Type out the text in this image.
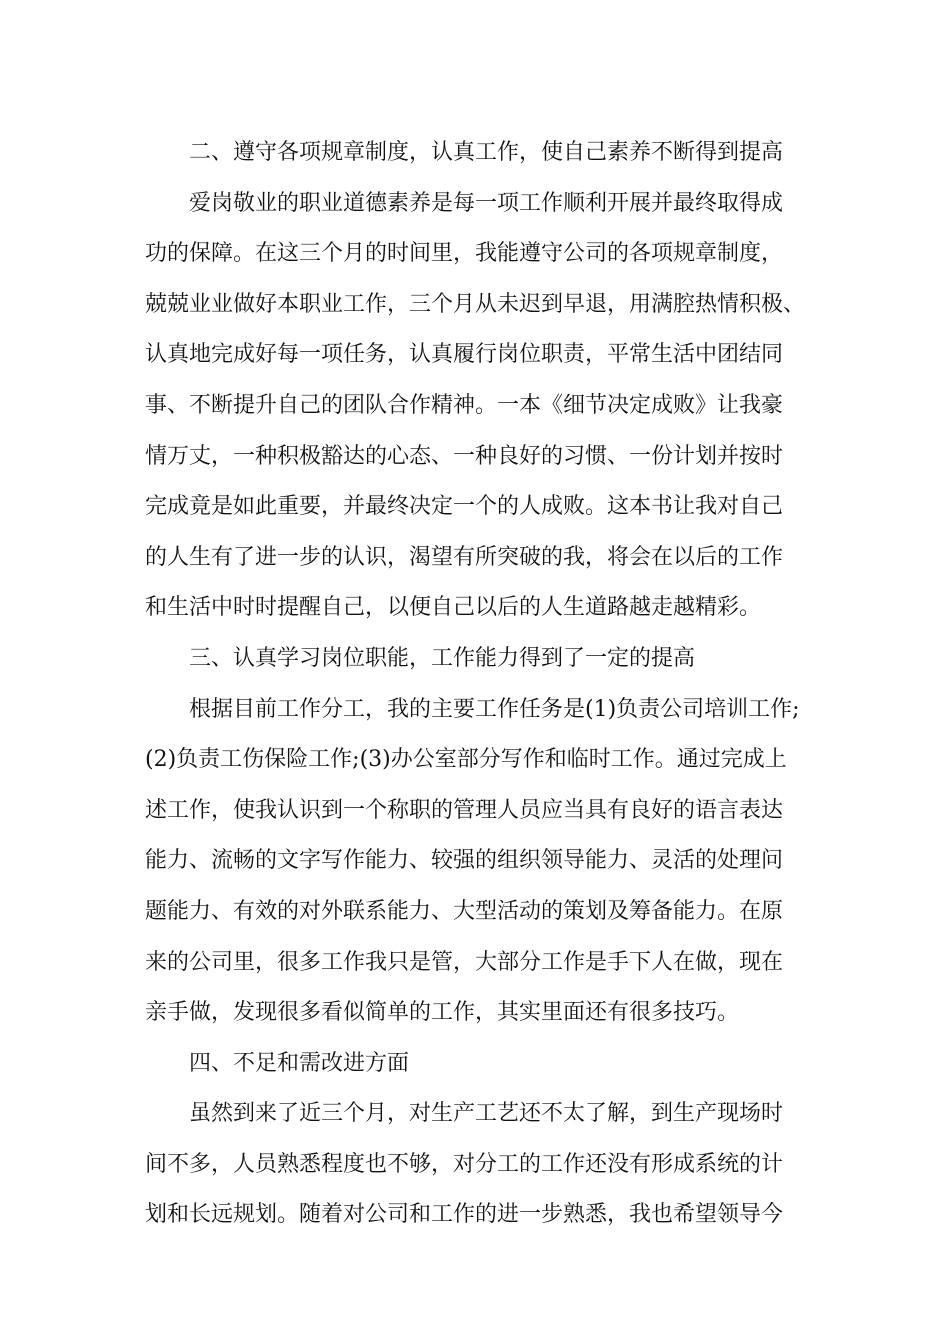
二、遵守各项规章制度，认真工作，使自己素养不断得到提高
爱岗敬业的职业道德素养是每一项工作顺利开展并最终取得成
功的保障。在这三个月的时间里，我能遵守公司的各项规章制度，
兢兢业业做好本职业工作，三个月从未迟到早退，用满腔热情积极、
认真地完成好每一项任务，认真履行岗位职责，平常生活中团结同
事、不断提升自己的团队合作精神。一本《细节决定成败》让我豪
情万丈，一种积极豁达的心态、一种良好的习惯、一份计划并按时
完成竟是如此重要，并最终决定一个的人成败。这本书让我对自己
的人生有了进一步的认识，渴望有所突破的我，将会在以后的工作
和生活中时时提醒自己，以便自己以后的人生道路越走越精彩。
三、认真学习岗位职能，工作能力得到了一定的提高
根据目前工作分工，我的主要工作任务是(1)负责公司培训工作;
(2)负责工伤保险工作;(3)办公室部分写作和临时工作。通过完成上
述工作，使我认识到一个称职的管理人员应当具有良好的语言表达
能力、流畅的文字写作能力、较强的组织领导能力、灵活的处理问
题能力、有效的对外联系能力、大型活动的策划及筹备能力。在原
来的公司里，很多工作我只是管，大部分工作是手下人在做，现在
亲手做，发现很多看似简单的工作，其实里面还有很多技巧。
四、不足和需改进方面
虽然到来了近三个月，对生产工艺还不太了解，到生产现场时
间不多，人员熟悉程度也不够，对分工的工作还没有形成系统的计
划和长远规划。随着对公司和工作的进一步熟悉，我也希望领导今
